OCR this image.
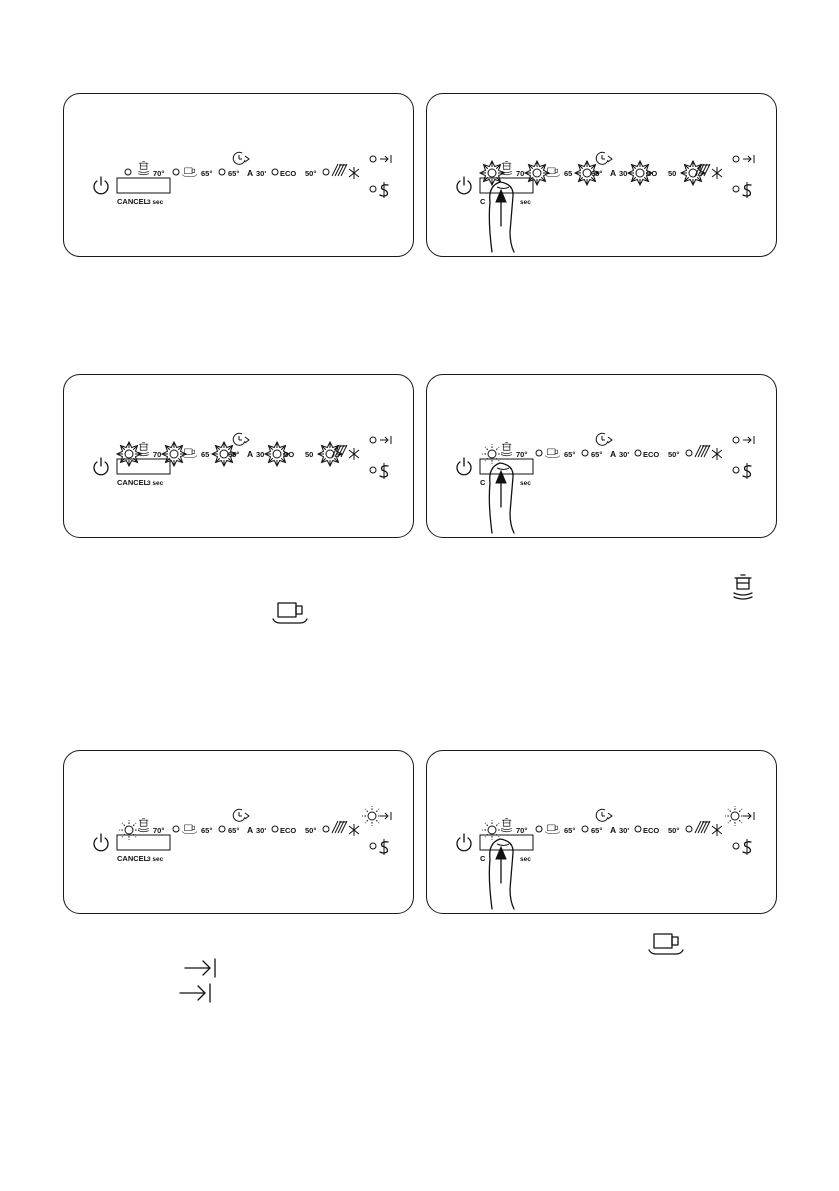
CANCEL
3 sec
70°	65° 65° A 30' ECO 50°
C	sec
70	65 65° A 30 CO 50
CANCEL
3 sec
70	65 65° A 30 CO 50
C	sec
70°	65° 65° A 30' ECO 50°
CANCEL
3 sec
70°	65° 65° A 30' ECO 50°
C	sec
70°	65° 65° A 30' ECO 50°
